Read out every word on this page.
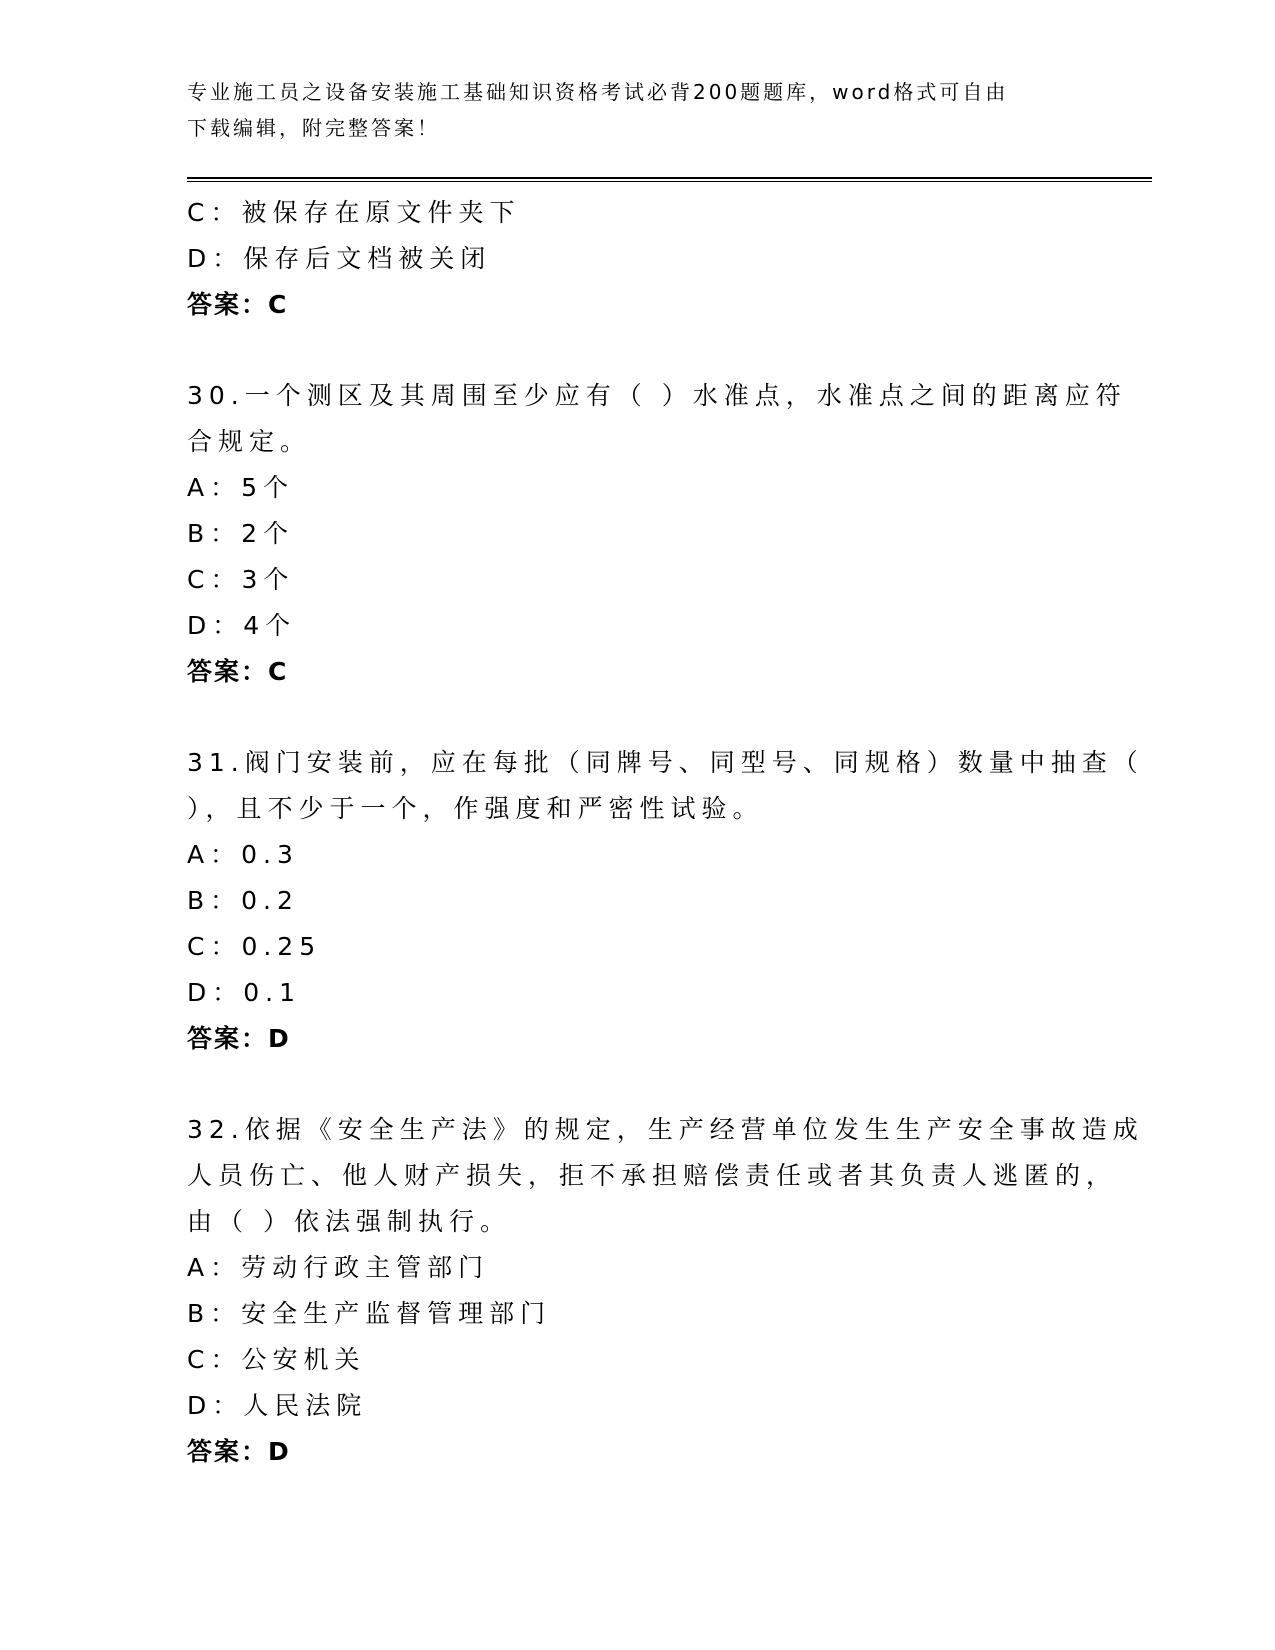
专业施工员之设备安装施工基础知识资格考试必背200题题库，word格式可自由
下载编辑，附完整答案！
C：被保存在原文件夹下
D：保存后文档被关闭
答案：C
30.一个测区及其周围至少应有（ ）水准点，水准点之间的距离应符
合规定。
A：5个
B：2个
C：3个
D：4个
答案：C
31.阀门安装前，应在每批（同牌号、同型号、同规格）数量中抽查（
），且不少于一个，作强度和严密性试验。
A：0.3
B：0.2
C：0.25
D：0.1
答案：D
32.依据《安全生产法》的规定，生产经营单位发生生产安全事故造成
人员伤亡、他人财产损失，拒不承担赔偿责任或者其负责人逃匿的，
由（ ）依法强制执行。
A：劳动行政主管部门
B：安全生产监督管理部门
C：公安机关
D：人民法院
答案：D
